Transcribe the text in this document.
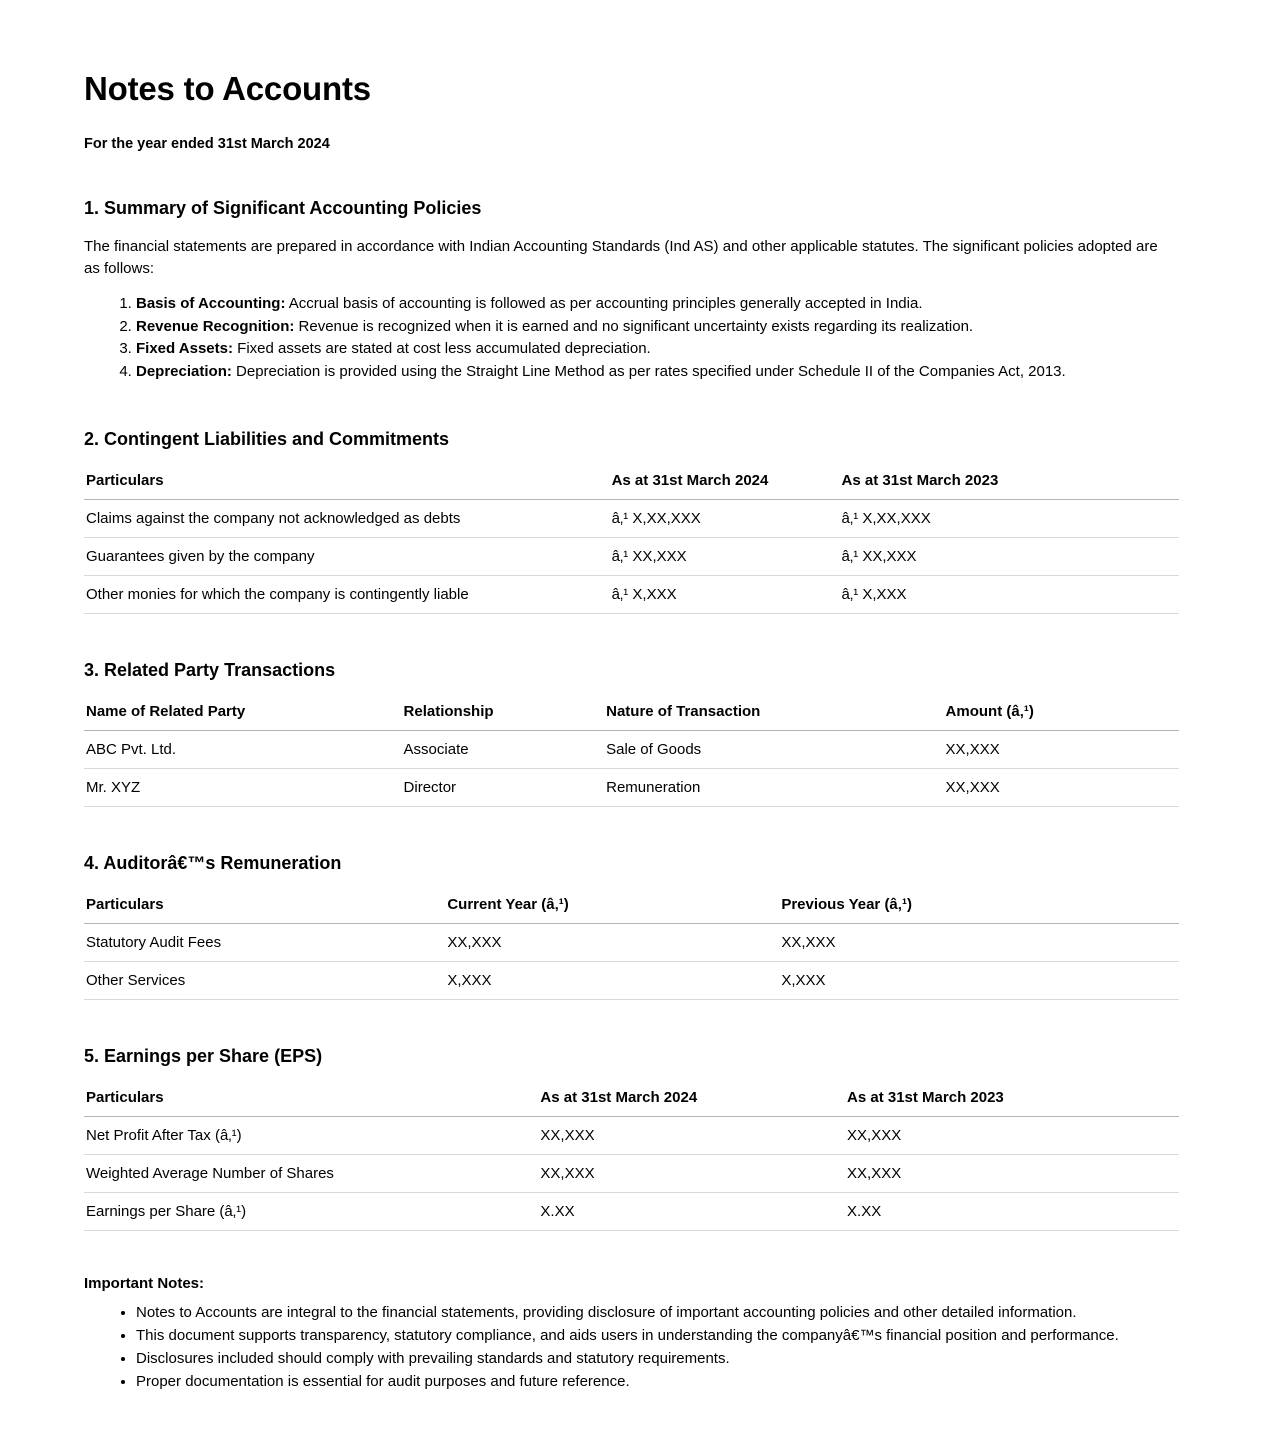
Notes to Accounts
For the year ended 31st March 2024
1. Summary of Significant Accounting Policies

The financial statements are prepared in accordance with Indian Accounting Standards (Ind AS) and other applicable statutes. The significant policies adopted are as follows:

1. Basis of Accounting: Accrual basis of accounting is followed as per accounting principles generally accepted in India.
2. Revenue Recognition: Revenue is recognized when it is earned and no significant uncertainty exists regarding its realization.
3. Fixed Assets: Fixed assets are stated at cost less accumulated depreciation.
4. Depreciation: Depreciation is provided using the Straight Line Method as per rates specified under Schedule II of the Companies Act, 2013.
2. Contingent Liabilities and Commitments
Particulars	As at 31st March 2024	As at 31st March 2023
Claims against the company not acknowledged as debts	â‚¹ X,XX,XXX	â‚¹ X,XX,XXX
Guarantees given by the company	â‚¹ XX,XXX	â‚¹ XX,XXX
Other monies for which the company is contingently liable	â‚¹ X,XXX	â‚¹ X,XXX
3. Related Party Transactions
Name of Related Party	Relationship	Nature of Transaction	Amount (â‚¹)
ABC Pvt. Ltd.	Associate	Sale of Goods	XX,XXX
Mr. XYZ	Director	Remuneration	XX,XXX
4. Auditorâ€™s Remuneration
Particulars	Current Year (â‚¹)	Previous Year (â‚¹)
Statutory Audit Fees	XX,XXX	XX,XXX
Other Services	X,XXX	X,XXX
5. Earnings per Share (EPS)
Particulars	As at 31st March 2024	As at 31st March 2023
Net Profit After Tax (â‚¹)	XX,XXX	XX,XXX
Weighted Average Number of Shares	XX,XXX	XX,XXX
Earnings per Share (â‚¹)	X.XX	X.XX
Important Notes:
• Notes to Accounts are integral to the financial statements, providing disclosure of important accounting policies and other detailed information.
• This document supports transparency, statutory compliance, and aids users in understanding the companyâ€™s financial position and performance.
• Disclosures included should comply with prevailing standards and statutory requirements.
• Proper documentation is essential for audit purposes and future reference.
